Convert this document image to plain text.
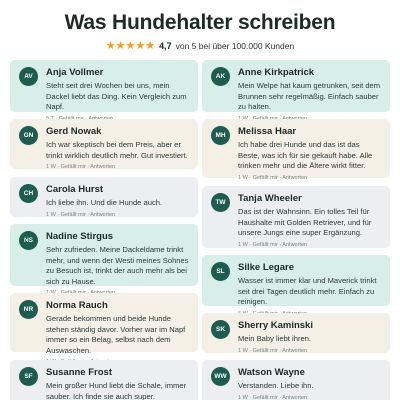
Was Hundehalter schreiben
★★★★★ 4,7 von 5 bei über 100.000 Kunden
AV	Anja Vollmer
Steht seit drei Wochen bei uns, mein Dackel liebt das Ding. Kein Vergleich zum Napf.
GN	Gerd Nowak
Ich war skeptisch bei dem Preis, aber er trinkt wirklich deutlich mehr. Gut investiert.
1 W · Gefällt mir · Antworten
CH	Carola Hurst
Ich liebe ihn. Und die Hunde auch.
1 W · Gefällt mir · Antworten
NS	Nadine Stirgus
Sehr zufrieden. Meine Dackeldame trinkt mehr, und wenn der Westi meines Sohnes zu Besuch ist, trinkt der auch mehr als bei sich zu Hause.
NR	Norma Rauch
Gerade bekommen und beide Hunde stehen ständig davor. Vorher war im Napf immer so ein Belag, selbst nach dem Auswaschen.
SF	Susanne Frost
Mein großer Hund liebt die Schale, immer sauber. Ich finde sie auch super.
AK	Anne Kirkpatrick
Mein Welpe hat kaum getrunken, seit dem Brunnen sehr regelmäßig. Einfach sauber zu halten.
MH	Melissa Haar
Ich habe drei Hunde und das ist das Beste, was ich für sie gekauft habe. Alle trinken mehr und die Ältere wirkt fitter.
1 W · Gefällt mir · Antworten
TW	Tanja Wheeler
Das ist der Wahnsinn. Ein tolles Teil für Haushalte mit Golden Retriever, und für unsere Jungs eine super Ergänzung.
1 W · Gefällt mir · Antworten
SL	Silke Legare
Wasser ist immer klar und Maverick trinkt seit drei Tagen deutlich mehr. Einfach zu reinigen.
SK	Sherry Kaminski
Mein Baby liebt ihren.
1 W · Gefällt mir · Antworten
WW	Watson Wayne
Verstanden. Liebe ihn.
1 W · Gefällt mir · Antworten
